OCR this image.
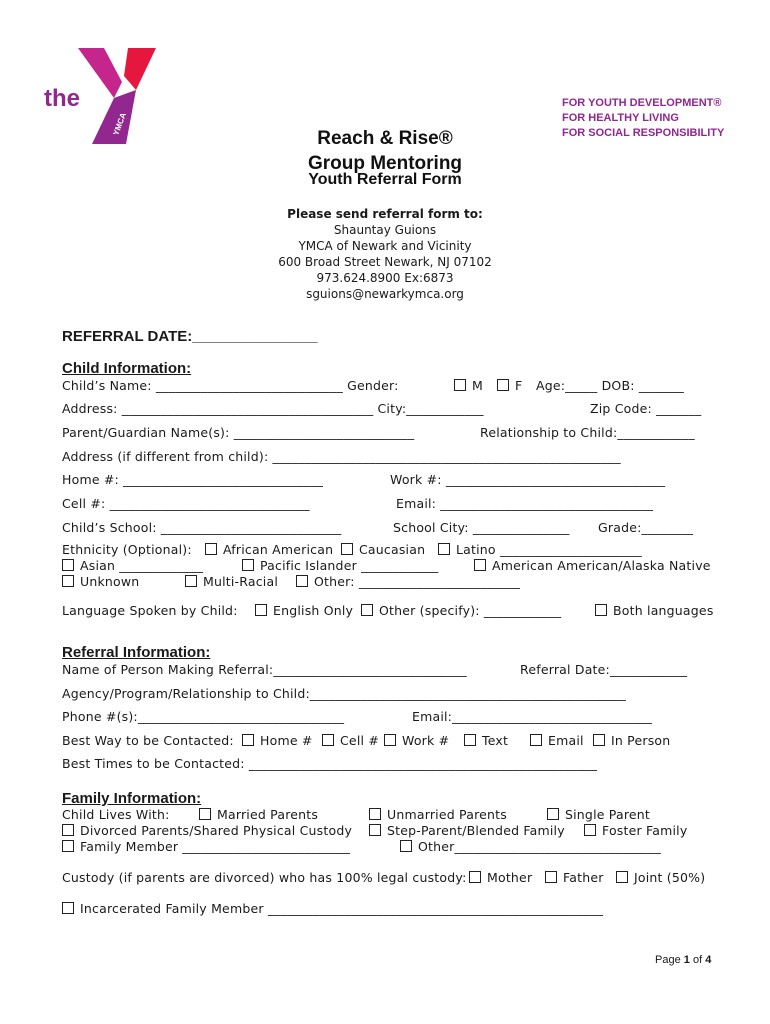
the
YMCA
FOR YOUTH DEVELOPMENT®
FOR HEALTHY LIVING
FOR SOCIAL RESPONSIBILITY
Reach & Rise®
Group Mentoring
Youth Referral Form
Please send referral form to:
Shauntay Guions
YMCA of Newark and Vicinity
600 Broad Street Newark, NJ 07102
973.624.8900 Ex:6873
sguions@newarkymca.org
REFERRAL DATE:_______________
Child Information:
Child’s Name: _____________________________ Gender:	M	F Age:_____ DOB: _______
Address: _______________________________________ City:____________	Zip Code: _______
Parent/Guardian Name(s): ____________________________	Relationship to Child:____________
Address (if different from child): ______________________________________________________
Home #: _______________________________	Work #: __________________________________
Cell #: _______________________________	Email: _________________________________
Child’s School: ____________________________	School City: _______________ Grade:________
Ethnicity (Optional):	African American	Caucasian	Latino ______________________
Asian _____________	Pacific Islander ____________	American American/Alaska Native
Unknown	Multi-Racial	Other: _________________________
Language Spoken by Child:	English Only	Other (specify): ____________	Both languages
Referral Information:
Name of Person Making Referral:______________________________	Referral Date:____________
Agency/Program/Relationship to Child:_________________________________________________
Phone #(s):________________________________	Email:_______________________________
Best Way to be Contacted:	Home #	Cell #	Work #	Text	Email	In Person
Best Times to be Contacted: ______________________________________________________
Family Information:
Child Lives With:	Married Parents	Unmarried Parents	Single Parent
Divorced Parents/Shared Physical Custody	Step-Parent/Blended Family	Foster Family
Family Member __________________________	Other________________________________
Custody (if parents are divorced) who has 100% legal custody:	Mother	Father	Joint (50%)
Incarcerated Family Member ____________________________________________________
Page 1 of 4
